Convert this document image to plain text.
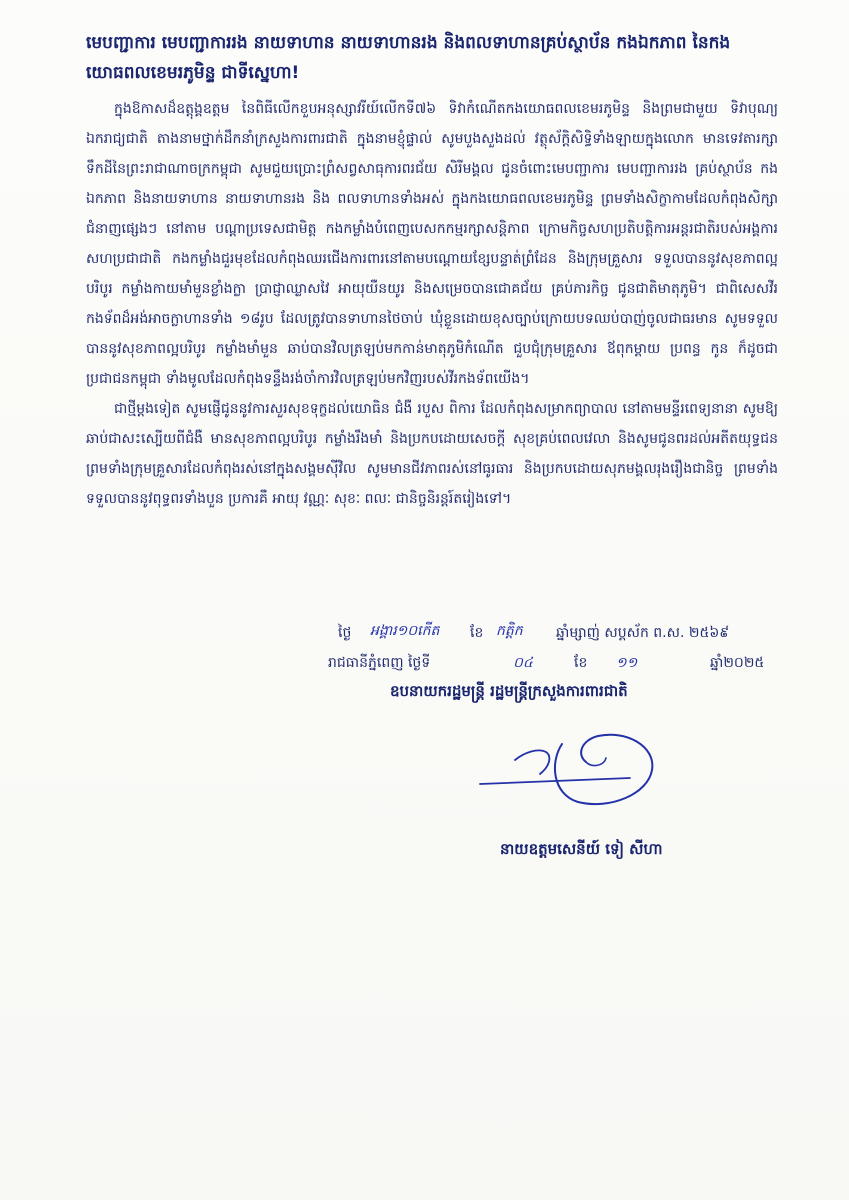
មេបញ្ជាការ មេបញ្ជាការរង នាយទាហាន នាយទាហានរង និងពលទាហានគ្រប់ស្ថាប័ន កងឯកភាព នៃកងយោធពលខេមរភូមិន្ទ ជាទីស្នេហា!

ក្នុងឱកាសដ៏ឧត្តុង្គឧត្តម នៃពិធីលើកខួបអនុស្សាវរីយ៍លើកទី៧៦ ទិវាកំណើតកងយោធពលខេមរភូមិន្ទ និងព្រមជាមួយ ទិវាបុណ្យឯករាជ្យជាតិ តាងនាមថ្នាក់ដឹកនាំក្រសួងការពារជាតិ ក្នុងនាមខ្ញុំផ្ទាល់ សូមបួងសួងដល់ វត្ថុស័ក្តិសិទ្ធិទាំងឡាយក្នុងលោក មានទេវតារក្សាទឹកដីនៃព្រះរាជាណាចក្រកម្ពុជា សូមជួយប្រោះព្រំសព្វសាធុការពរជ័យ សិរីមង្គល ជូនចំពោះមេបញ្ជាការ មេបញ្ជាការរង គ្រប់ស្ថាប័ន កងឯកភាព និងនាយទាហាន នាយទាហានរង និង ពលទាហានទាំងអស់ ក្នុងកងយោធពលខេមរភូមិន្ទ ព្រមទាំងសិក្ខាកាមដែលកំពុងសិក្សាជំនាញផ្សេងៗ នៅតាម បណ្តាប្រទេសជាមិត្ត កងកម្លាំងបំពេញបេសកកម្មរក្សាសន្តិភាព ក្រោមកិច្ចសហប្រតិបត្តិការអន្តរជាតិរបស់អង្គការ សហប្រជាជាតិ កងកម្លាំងជួរមុខដែលកំពុងឈរជើងការពារនៅតាមបណ្តោយខ្សែបន្ទាត់ព្រំដែន និងក្រុមគ្រួសារ ទទួលបាននូវសុខភាពល្អបរិបូរ កម្លាំងកាយមាំមួនខ្លាំងក្លា ប្រាជ្ញាឈ្លាសវៃ អាយុយឺនយូរ និងសម្រេចបានជោគជ័យ គ្រប់ភារកិច្ច ជូនជាតិមាតុភូមិ។ ជាពិសេសវីរកងទ័ពដ៏អង់អាចក្លាហានទាំង ១៨រូប ដែលត្រូវបានទាហានថៃចាប់ ឃុំខ្លួនដោយខុសច្បាប់ក្រោយបទឈប់បាញ់ចូលជាធរមាន សូមទទួលបាននូវសុខភាពល្អបរិបូរ កម្លាំងមាំមួន ឆាប់បានវិលត្រឡប់មកកាន់មាតុភូមិកំណើត ជួបជុំក្រុមគ្រួសារ ឪពុកម្តាយ ប្រពន្ធ កូន ក៏ដូចជាប្រជាជនកម្ពុជា ទាំងមូលដែលកំពុងទន្ទឹងរង់ចាំការវិលត្រឡប់មកវិញរបស់វីរកងទ័ពយើង។

ជាថ្មីម្តងទៀត សូមផ្ញើជូននូវការសួរសុខទុក្ខដល់យោធិន ជំងឺ របួស ពិការ ដែលកំពុងសម្រាកព្យាបាល នៅតាមមន្ទីរពេទ្យនានា សូមឱ្យឆាប់ជាសះស្បើយពីជំងឺ មានសុខភាពល្អបរិបូរ កម្លាំងរឹងមាំ និងប្រកបដោយសេចក្តី សុខគ្រប់ពេលវេលា និងសូមជូនពរដល់អតីតយុទ្ធជន ព្រមទាំងក្រុមគ្រួសារដែលកំពុងរស់នៅក្នុងសង្គមស៊ីវិល សូមមានជីវភាពរស់នៅធូរធារ និងប្រកបដោយសុភមង្គលរុងរឿងជានិច្ច ព្រមទាំងទទួលបាននូវពុទ្ធពរទាំងបួន ប្រការគឺ អាយុ វណ្ណៈ សុខៈ ពលៈ ជានិច្ចនិរន្តរ៍តរៀងទៅ។

ថ្ងៃ អង្គារ១០កើត ខែ កត្តិក ឆ្នាំម្សាញ់ សប្តស័ក ព.ស. ២៥៦៩
រាជធានីភ្នំពេញ ថ្ងៃទី	០៤	ខែ ១១	ឆ្នាំ២០២៥
ឧបនាយករដ្ឋមន្ត្រី រដ្ឋមន្ត្រីក្រសួងការពារជាតិ
នាយឧត្តមសេនីយ៍ ទៀ សីហា
